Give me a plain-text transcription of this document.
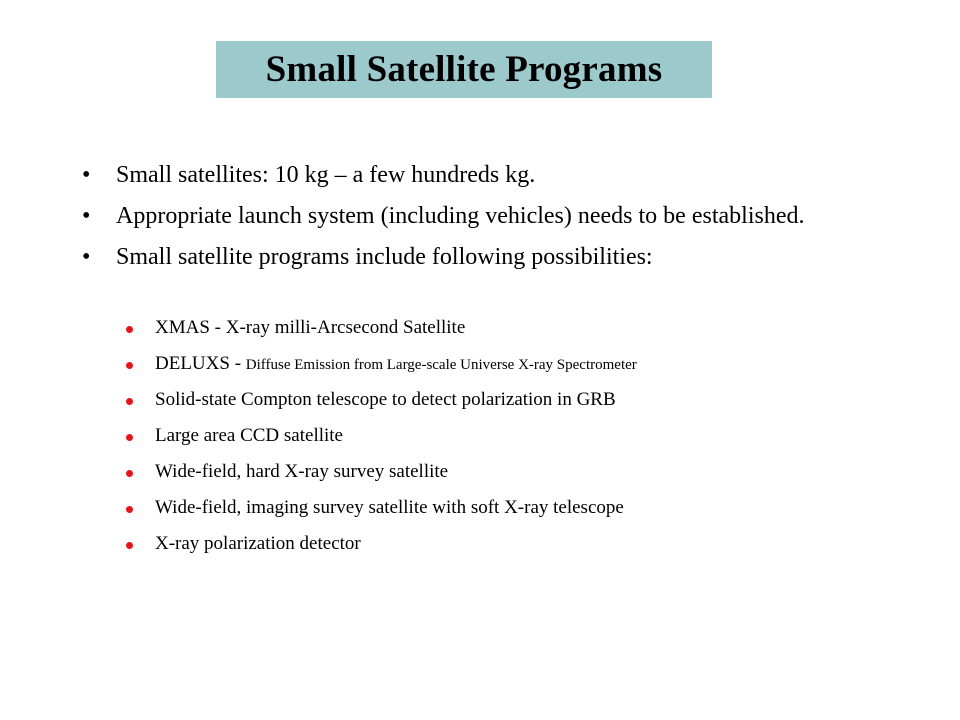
Small Satellite Programs
• Small satellites: 10 kg – a few hundreds kg.
• Appropriate launch system (including vehicles) needs to be established.
• Small satellite programs include following possibilities:
XMAS - X-ray milli-Arcsecond Satellite
DELUXS - Diffuse Emission from Large-scale Universe X-ray Spectrometer
Solid-state Compton telescope to detect polarization in GRB
Large area CCD satellite
Wide-field, hard X-ray survey satellite
Wide-field, imaging survey satellite with soft X-ray telescope
X-ray polarization detector
